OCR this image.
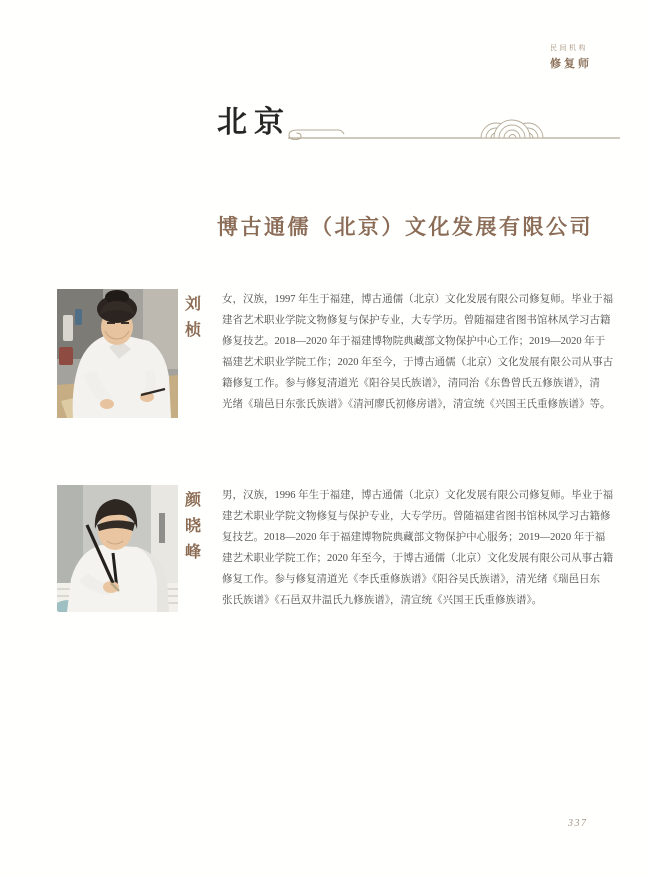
民间机构
修复师
北京
博古通儒（北京）文化发展有限公司
刘桢
女，汉族，1997 年生于福建，博古通儒（北京）文化发展有限公司修复师。毕业于福
建省艺术职业学院文物修复与保护专业，大专学历。曾随福建省图书馆林凤学习古籍
修复技艺。2018—2020 年于福建博物院典藏部文物保护中心工作；2019—2020 年于
福建艺术职业学院工作；2020 年至今，于博古通儒（北京）文化发展有限公司从事古
籍修复工作。参与修复清道光《阳谷吴氏族谱》，清同治《东鲁曾氏五修族谱》，清
光绪《瑞邑日东张氏族谱》《清河廖氏初修房谱》，清宣统《兴国王氏重修族谱》等。
颜晓峰
男，汉族，1996 年生于福建，博古通儒（北京）文化发展有限公司修复师。毕业于福
建艺术职业学院文物修复与保护专业，大专学历。曾随福建省图书馆林凤学习古籍修
复技艺。2018—2020 年于福建博物院典藏部文物保护中心服务；2019—2020 年于福
建艺术职业学院工作；2020 年至今，于博古通儒（北京）文化发展有限公司从事古籍
修复工作。参与修复清道光《李氏重修族谱》《阳谷吴氏族谱》，清光绪《瑞邑日东
张氏族谱》《石邑双井温氏九修族谱》，清宣统《兴国王氏重修族谱》。
337
